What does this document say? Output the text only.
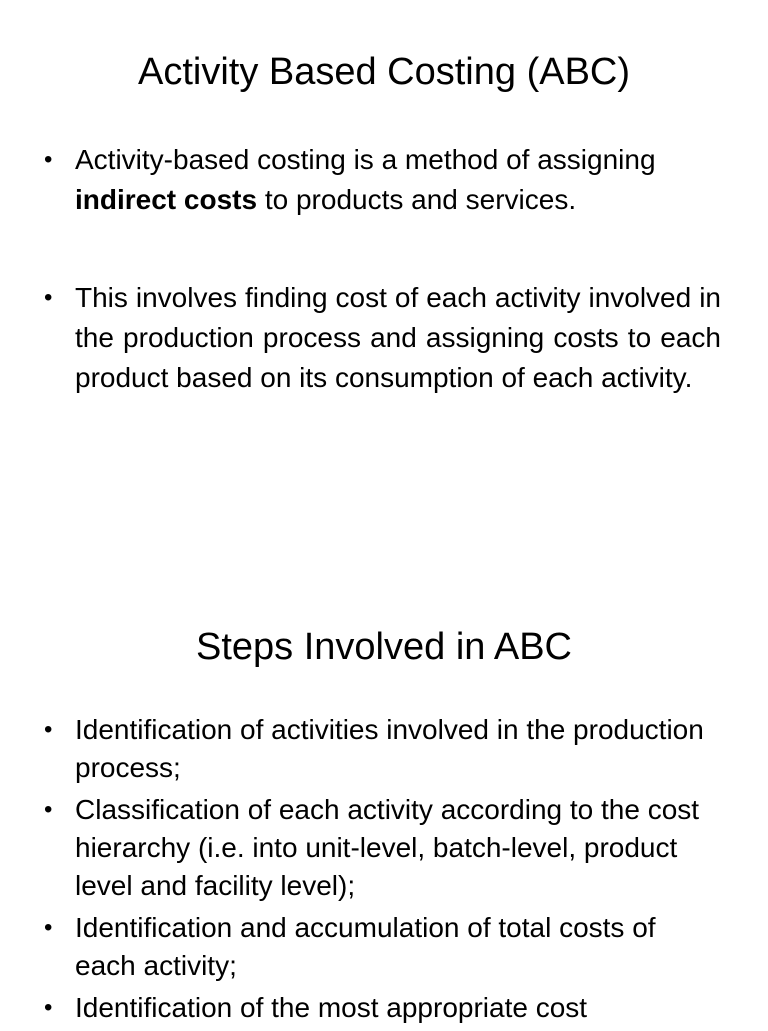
Activity Based Costing (ABC)
• Activity-based costing is a method of assigning indirect costs to products and services.
• This involves finding cost of each activity involved in the production process and assigning costs to each product based on its consumption of each activity.
Steps Involved in ABC
• Identification of activities involved in the production process;
• Classification of each activity according to the cost hierarchy (i.e. into unit-level, batch-level, product level and facility level);
• Identification and accumulation of total costs of each activity;
• Identification of the most appropriate cost
